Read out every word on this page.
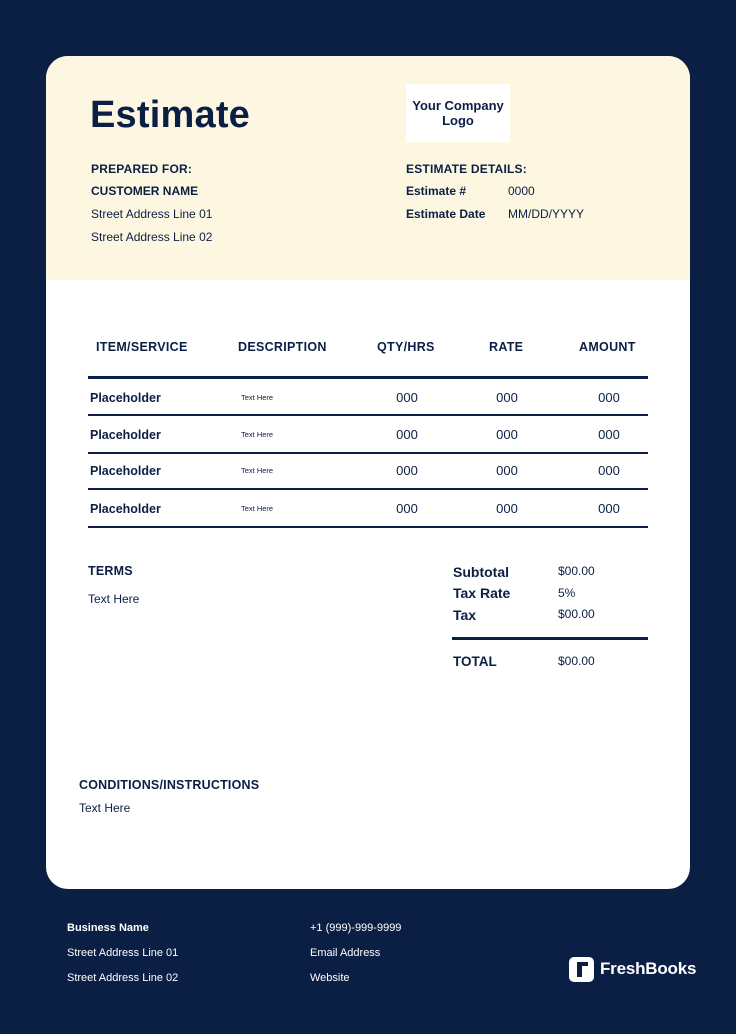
Estimate	Your Company Logo
PREPARED FOR:
CUSTOMER NAME
Street Address Line 01
Street Address Line 02
ESTIMATE DETAILS:
Estimate #	0000
Estimate Date MM/DD/YYYY
ITEM/SERVICE	DESCRIPTION	QTY/HRS	RATE	AMOUNT
Placeholder	Text Here	000	000	000
Placeholder	Text Here	000	000	000
Placeholder	Text Here	000	000	000
Placeholder	Text Here	000	000	000
TERMS
Text Here
Subtotal	$00.00
Tax Rate	5%
Tax	$00.00
TOTAL	$00.00
CONDITIONS/INSTRUCTIONS
Text Here
Business Name
Street Address Line 01
Street Address Line 02
+1 (999)-999-9999
Email Address
Website	FreshBooks
